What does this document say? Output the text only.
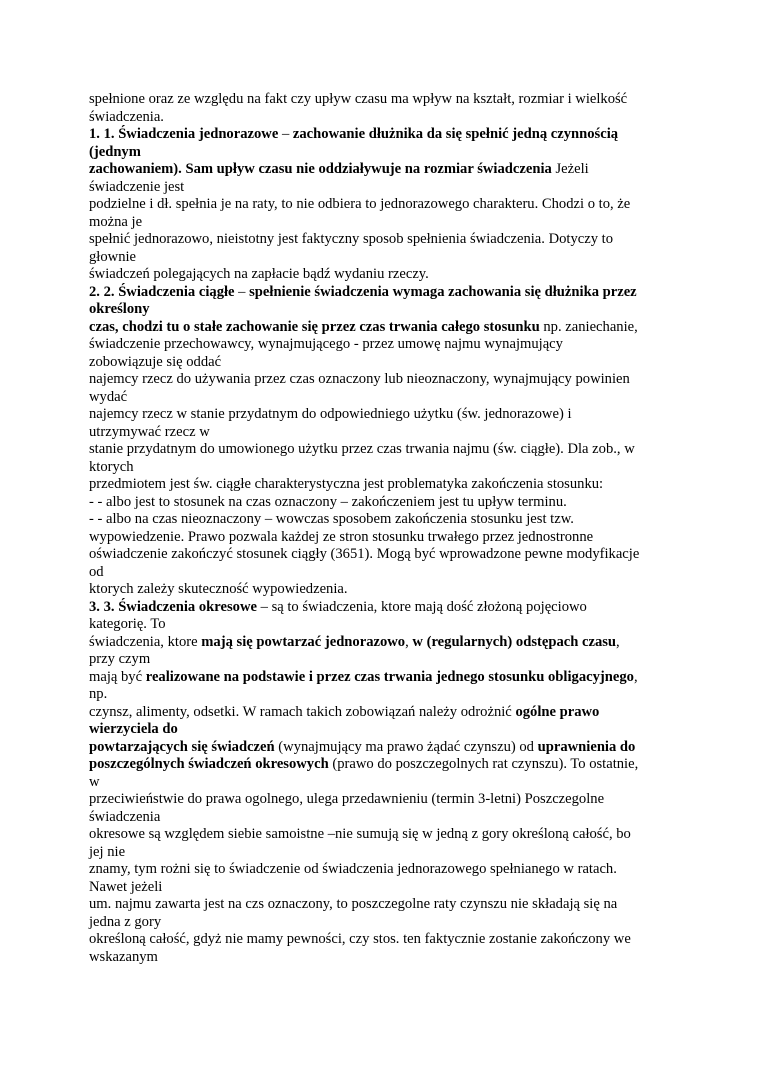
spełnione oraz ze względu na fakt czy upływ czasu ma wpływ na kształt, rozmiar i wielkość
świadczenia.
1. 1. Świadczenia jednorazowe – zachowanie dłużnika da się spełnić jedną czynnością
(jednym
zachowaniem). Sam upływ czasu nie oddziaływuje na rozmiar świadczenia Jeżeli
świadczenie jest
podzielne i dł. spełnia je na raty, to nie odbiera to jednorazowego charakteru. Chodzi o to, że
można je
spełnić jednorazowo, nieistotny jest faktyczny sposob spełnienia świadczenia. Dotyczy to
głownie
świadczeń polegających na zapłacie bądź wydaniu rzeczy.
2. 2. Świadczenia ciągłe – spełnienie świadczenia wymaga zachowania się dłużnika przez
określony
czas, chodzi tu o stałe zachowanie się przez czas trwania całego stosunku np. zaniechanie,
świadczenie przechowawcy, wynajmującego - przez umowę najmu wynajmujący
zobowiązuje się oddać
najemcy rzecz do używania przez czas oznaczony lub nieoznaczony, wynajmujący powinien
wydać
najemcy rzecz w stanie przydatnym do odpowiedniego użytku (św. jednorazowe) i
utrzymywać rzecz w
stanie przydatnym do umowionego użytku przez czas trwania najmu (św. ciągłe). Dla zob., w
ktorych
przedmiotem jest św. ciągłe charakterystyczna jest problematyka zakończenia stosunku:
- - albo jest to stosunek na czas oznaczony – zakończeniem jest tu upływ terminu.
- - albo na czas nieoznaczony – wowczas sposobem zakończenia stosunku jest tzw.
wypowiedzenie. Prawo pozwala każdej ze stron stosunku trwałego przez jednostronne
oświadczenie zakończyć stosunek ciągły (3651). Mogą być wprowadzone pewne modyfikacje
od
ktorych zależy skuteczność wypowiedzenia.
3. 3. Świadczenia okresowe – są to świadczenia, ktore mają dość złożoną pojęciowo
kategorię. To
świadczenia, ktore mają się powtarzać jednorazowo, w (regularnych) odstępach czasu,
przy czym
mają być realizowane na podstawie i przez czas trwania jednego stosunku obligacyjnego,
np.
czynsz, alimenty, odsetki. W ramach takich zobowiązań należy odrożnić ogólne prawo
wierzyciela do
powtarzających się świadczeń (wynajmujący ma prawo żądać czynszu) od uprawnienia do
poszczególnych świadczeń okresowych (prawo do poszczegolnych rat czynszu). To ostatnie,
w
przeciwieństwie do prawa ogolnego, ulega przedawnieniu (termin 3-letni) Poszczegolne
świadczenia
okresowe są względem siebie samoistne –nie sumują się w jedną z gory określoną całość, bo
jej nie
znamy, tym rożni się to świadczenie od świadczenia jednorazowego spełnianego w ratach.
Nawet jeżeli
um. najmu zawarta jest na czs oznaczony, to poszczegolne raty czynszu nie składają się na
jedna z gory
określoną całość, gdyż nie mamy pewności, czy stos. ten faktycznie zostanie zakończony we
wskazanym
